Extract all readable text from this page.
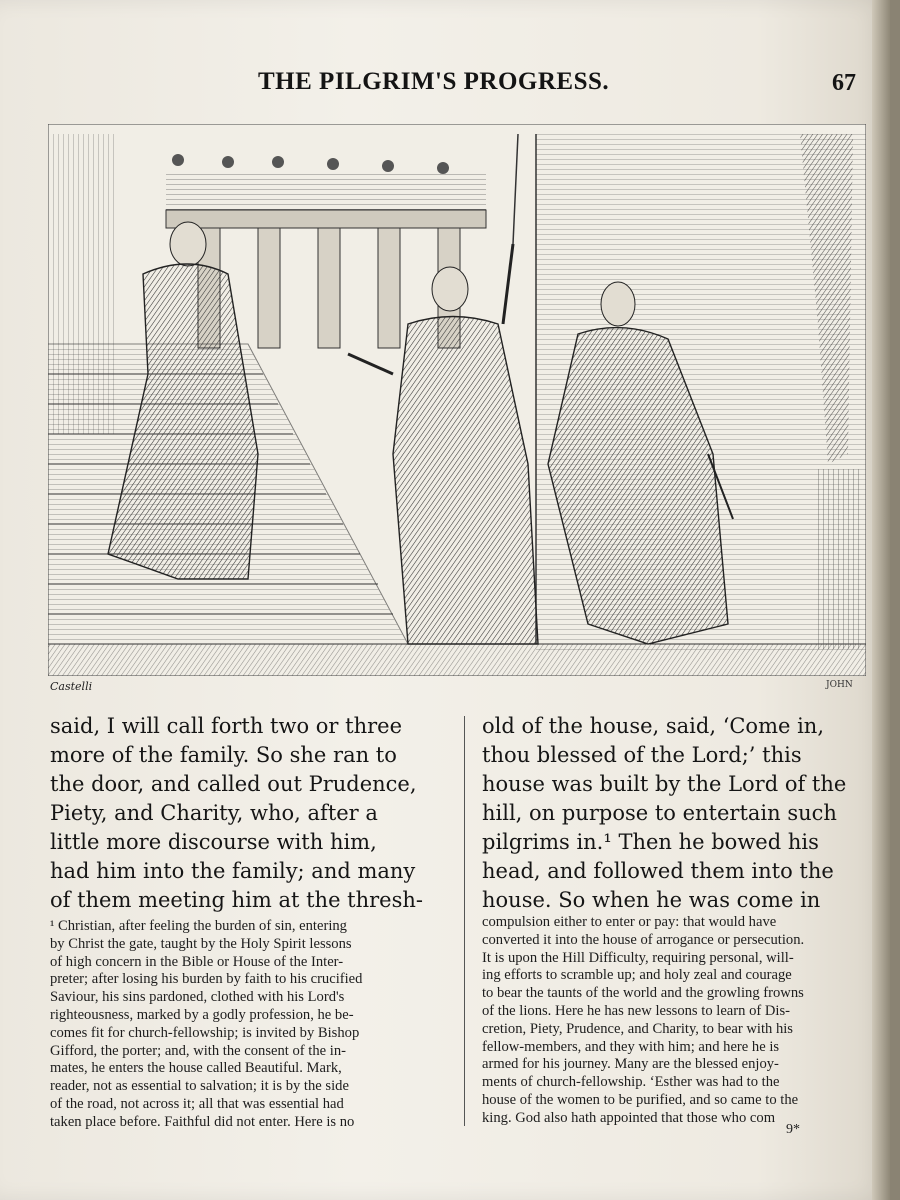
THE PILGRIM'S PROGRESS.	67
Castelli	JOHN
said, I will call forth two or three
more of the family. So she ran to
the door, and called out Prudence,
Piety, and Charity, who, after a
little more discourse with him,
had him into the family; and many
of them meeting him at the thresh-
old of the house, said, ‘Come in,
thou blessed of the Lord;’ this
house was built by the Lord of the
hill, on purpose to entertain such
pilgrims in.¹ Then he bowed his
head, and followed them into the
house. So when he was come in
¹ Christian, after feeling the burden of sin, entering
by Christ the gate, taught by the Holy Spirit lessons
of high concern in the Bible or House of the Inter-
preter; after losing his burden by faith to his crucified
Saviour, his sins pardoned, clothed with his Lord's
righteousness, marked by a godly profession, he be-
comes fit for church-fellowship; is invited by Bishop
Gifford, the porter; and, with the consent of the in-
mates, he enters the house called Beautiful. Mark,
reader, not as essential to salvation; it is by the side
of the road, not across it; all that was essential had
taken place before. Faithful did not enter. Here is no
compulsion either to enter or pay: that would have
converted it into the house of arrogance or persecution.
It is upon the Hill Difficulty, requiring personal, will-
ing efforts to scramble up; and holy zeal and courage
to bear the taunts of the world and the growling frowns
of the lions. Here he has new lessons to learn of Dis-
cretion, Piety, Prudence, and Charity, to bear with his
fellow-members, and they with him; and here he is
armed for his journey. Many are the blessed enjoy-
ments of church-fellowship. ‘Esther was had to the
house of the women to be purified, and so came to the
king. God also hath appointed that those who com
9*
